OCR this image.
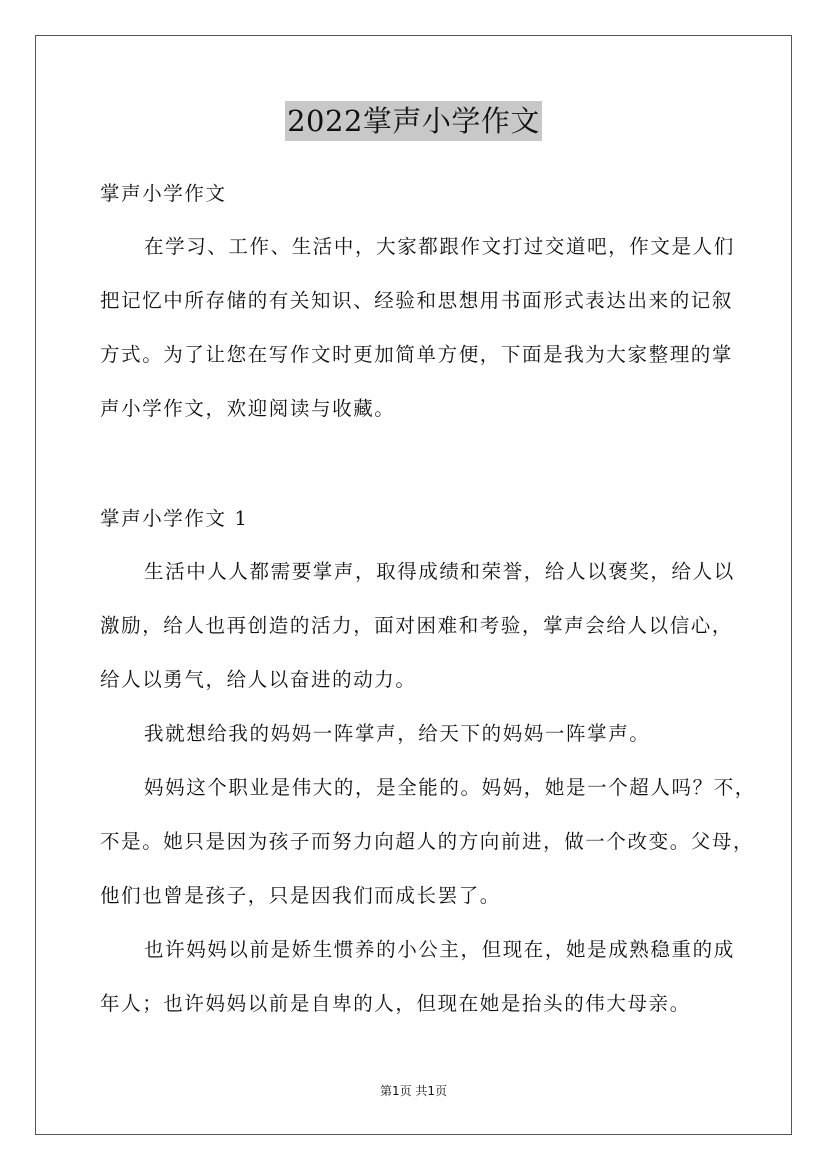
2022掌声小学作文

掌声小学作文

在学习、工作、生活中，大家都跟作文打过交道吧，作文是人们

把记忆中所存储的有关知识、经验和思想用书面形式表达出来的记叙

方式。为了让您在写作文时更加简单方便，下面是我为大家整理的掌

声小学作文，欢迎阅读与收藏。

掌声小学作文 1

生活中人人都需要掌声，取得成绩和荣誉，给人以褒奖，给人以

激励，给人也再创造的活力，面对困难和考验，掌声会给人以信心，

给人以勇气，给人以奋进的动力。

我就想给我的妈妈一阵掌声，给天下的妈妈一阵掌声。

妈妈这个职业是伟大的，是全能的。妈妈，她是一个超人吗？不，

不是。她只是因为孩子而努力向超人的方向前进，做一个改变。父母，

他们也曾是孩子，只是因我们而成长罢了。

也许妈妈以前是娇生惯养的小公主，但现在，她是成熟稳重的成

年人；也许妈妈以前是自卑的人，但现在她是抬头的伟大母亲。

第1页 共1页
